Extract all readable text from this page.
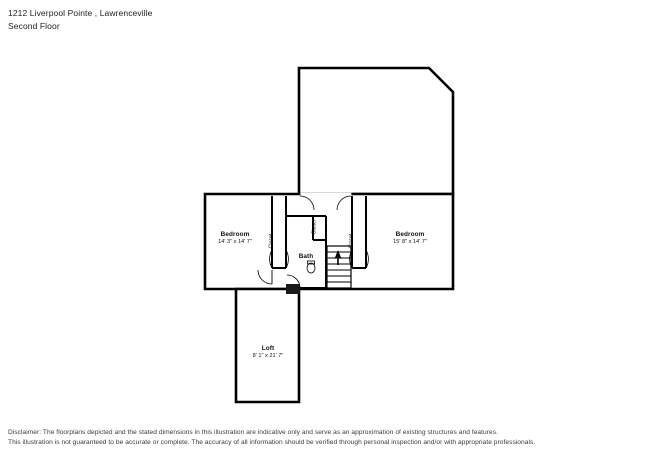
1212 Liverpool Pointe , Lawrenceville
Second Floor
Bedroom
14' 3" x 14' 7"
Bedroom
15' 8" x 14' 7"
Bath
Loft
8' 1" x 21' 7"
Closet	Closet
Closet
Disclaimer: The floorplans depicted and the stated dimensions in this illustration are indicative only and serve as an approximation of existing structures and features.
This illustration is not guaranteed to be accurate or complete. The accuracy of all information should be verified through personal inspection and/or with appropriate professionals.
